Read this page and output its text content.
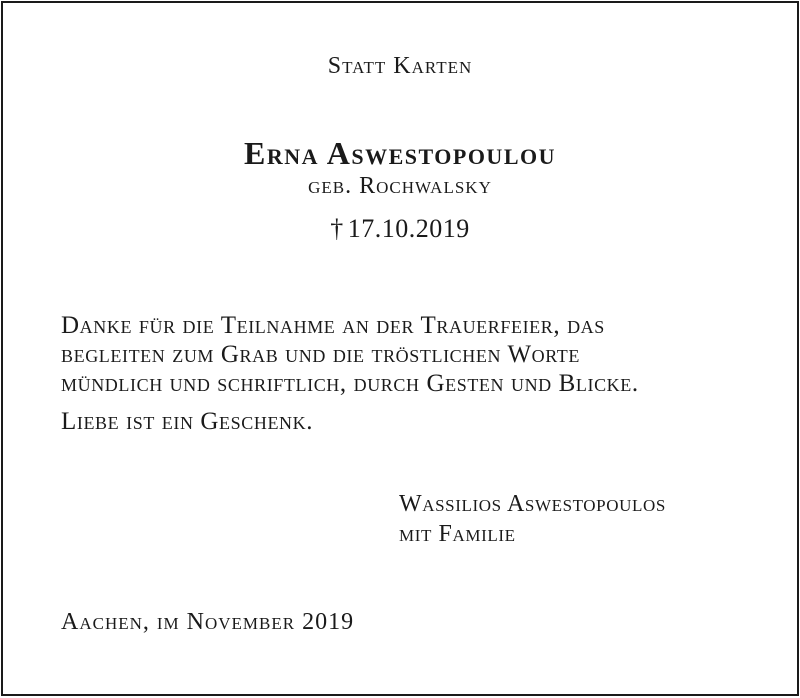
Statt Karten
Erna Aswestopoulou
geb. Rochwalsky
† 17.10.2019
Danke für die Teilnahme an der Trauerfeier, das
begleiten zum Grab und die tröstlichen Worte
mündlich und schriftlich, durch Gesten und Blicke.
Liebe ist ein Geschenk.
Wassilios Aswestopoulos
mit Familie
Aachen, im November 2019
